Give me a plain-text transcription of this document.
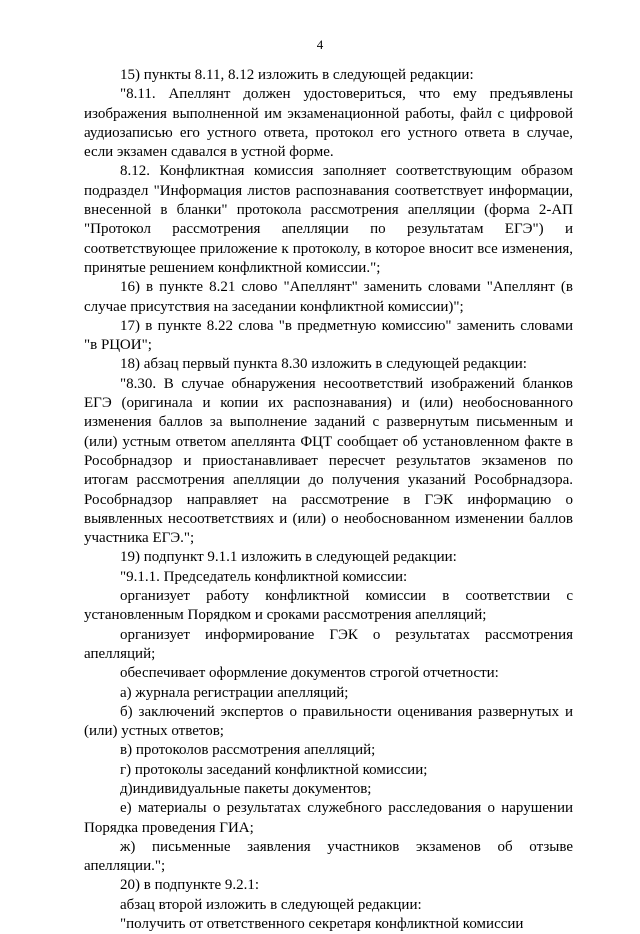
4

15) пункты 8.11, 8.12 изложить в следующей редакции:

"8.11. Апеллянт должен удостовериться, что ему предъявлены изображения выполненной им экзаменационной работы, файл с цифровой аудиозаписью его устного ответа, протокол его устного ответа в случае, если экзамен сдавался в устной форме.

8.12. Конфликтная комиссия заполняет соответствующим образом подраздел "Информация листов распознавания соответствует информации, внесенной в бланки" протокола рассмотрения апелляции (форма 2-АП "Протокол рассмотрения апелляции по результатам ЕГЭ") и соответствующее приложение к протоколу, в которое вносит все изменения, принятые решением конфликтной комиссии.";

16) в пункте 8.21 слово "Апеллянт" заменить словами "Апеллянт (в случае присутствия на заседании конфликтной комиссии)";

17) в пункте 8.22 слова "в предметную комиссию" заменить словами "в РЦОИ";

18) абзац первый пункта 8.30 изложить в следующей редакции:

"8.30. В случае обнаружения несоответствий изображений бланков ЕГЭ (оригинала и копии их распознавания) и (или) необоснованного изменения баллов за выполнение заданий с развернутым письменным и (или) устным ответом апеллянта ФЦТ сообщает об установленном факте в Рособрнадзор и приостанавливает пересчет результатов экзаменов по итогам рассмотрения апелляции до получения указаний Рособрнадзора. Рособрнадзор направляет на рассмотрение в ГЭК информацию о выявленных несоответствиях и (или) о необоснованном изменении баллов участника ЕГЭ.";

19) подпункт 9.1.1 изложить в следующей редакции:

"9.1.1. Председатель конфликтной комиссии:

организует работу конфликтной комиссии в соответствии с установленным Порядком и сроками рассмотрения апелляций;

организует информирование ГЭК о результатах рассмотрения апелляций;

обеспечивает оформление документов строгой отчетности:

а) журнала регистрации апелляций;

б) заключений экспертов о правильности оценивания развернутых и (или) устных ответов;

в) протоколов рассмотрения апелляций;

г) протоколы заседаний конфликтной комиссии;

д)индивидуальные пакеты документов;

е) материалы о результатах служебного расследования о нарушении Порядка проведения ГИА;

ж) письменные заявления участников экзаменов об отзыве апелляции.";

20) в подпункте 9.2.1:

абзац второй изложить в следующей редакции:

"получить от ответственного секретаря конфликтной комиссии
